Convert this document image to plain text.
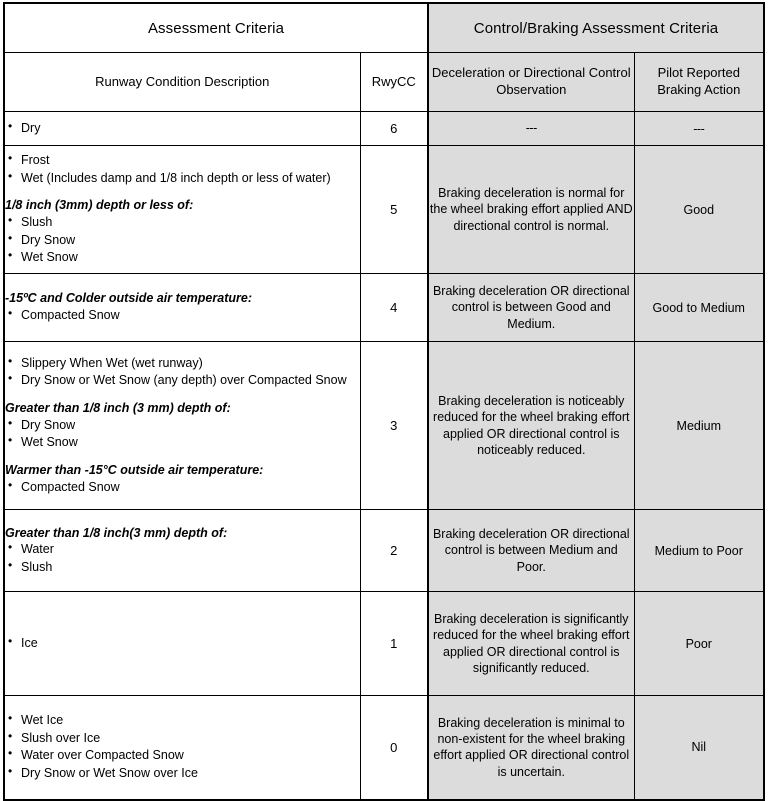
Assessment Criteria		Control/Braking Assessment Criteria	
Runway Condition Description	RwyCC	Deceleration or Directional Control Observation	Pilot Reported Braking Action

• Dry	6	---	---

• Frost
• Wet (Includes damp and 1/8 inch depth or less of water)
1/8 inch (3mm) depth or less of:
• Slush
• Dry Snow
• Wet Snow
	5	Braking deceleration is normal for the wheel braking effort applied AND directional control is normal.	Good

-15ºC and Colder outside air temperature:
• Compacted Snow	4	Braking deceleration OR directional control is between Good and Medium.	Good to Medium

• Slippery When Wet (wet runway)
• Dry Snow or Wet Snow (any depth) over Compacted Snow
Greater than 1/8 inch (3 mm) depth of:
• Dry Snow
• Wet Snow
Warmer than -15°C outside air temperature:
• Compacted Snow
	3	Braking deceleration is noticeably reduced for the wheel braking effort applied OR directional control is noticeably reduced.	Medium

Greater than 1/8 inch(3 mm) depth of:
• Water
• Slush
	2	Braking deceleration OR directional control is between Medium and Poor.	Medium to Poor

• Ice	1	Braking deceleration is significantly reduced for the wheel braking effort applied OR directional control is significantly reduced.	Poor

• Wet Ice
• Slush over Ice
• Water over Compacted Snow
• Dry Snow or Wet Snow over Ice
	0	Braking deceleration is minimal to non-existent for the wheel braking effort applied OR directional control is uncertain.	Nil
